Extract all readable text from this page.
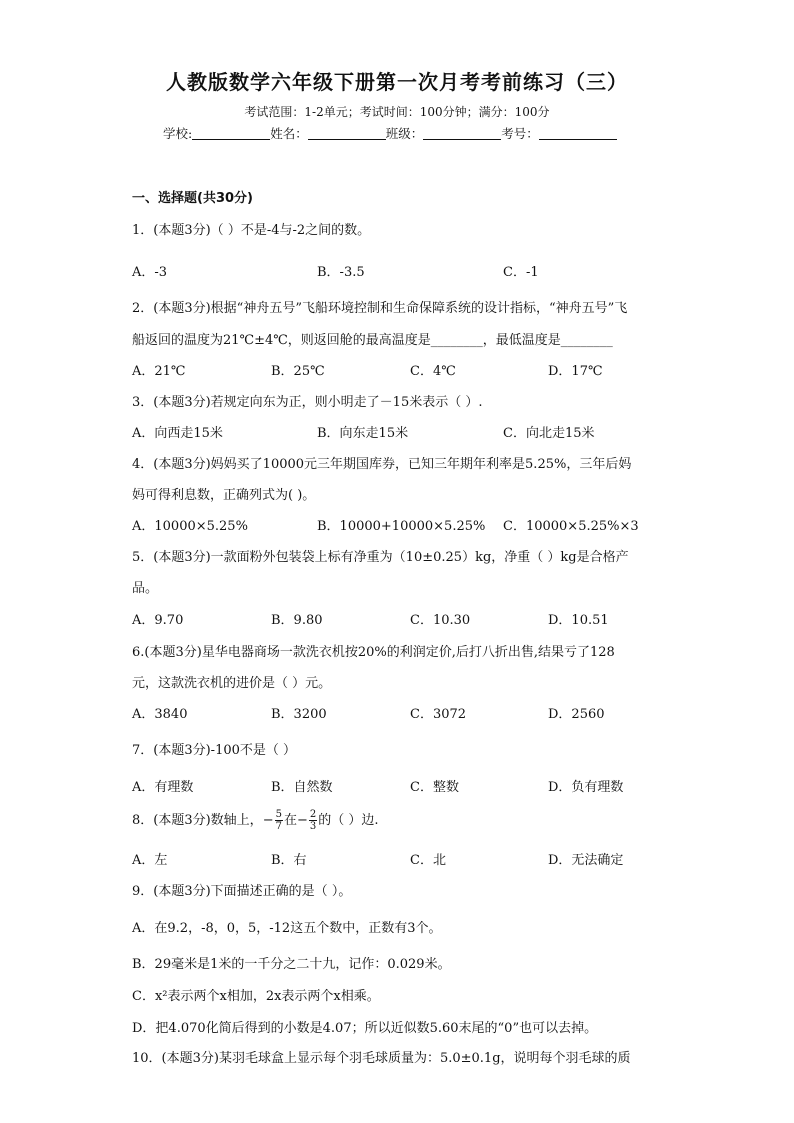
人教版数学六年级下册第一次月考考前练习（三）
考试范围：1-2单元；考试时间：100分钟；满分：100分
学校:	姓名：	班级：	考号：
一、选择题(共30分)
1．(本题3分)（ ）不是-4与-2之间的数。
A．-3	B．-3.5	C．-1
2．(本题3分)根据“神舟五号”飞船环境控制和生命保障系统的设计指标，“神舟五号”飞
船返回的温度为21℃±4℃，则返回舱的最高温度是________，最低温度是________
A．21℃	B．25℃	C．4℃	D．17℃
3．(本题3分)若规定向东为正，则小明走了－15米表示（ ）.
A．向西走15米	B．向东走15米	C．向北走15米
4．(本题3分)妈妈买了10000元三年期国库券，已知三年期年利率是5.25%，三年后妈
妈可得利息数，正确列式为( )。
A．10000×5.25%	B．10000+10000×5.25% C．10000×5.25%×3
5．(本题3分)一款面粉外包装袋上标有净重为（10±0.25）kg，净重（ ）kg是合格产
品。
A．9.70	B．9.80	C．10.30	D．10.51
6.(本题3分)星华电器商场一款洗衣机按20%的利润定价,后打八折出售,结果亏了128
元，这款洗衣机的进价是（ ）元。
A．3840	B．3200	C．3072	D．2560
7．(本题3分)-100不是（ ）
A．有理数	B．自然数	C．整数	D．负有理数
8．(本题3分)数轴上，− $\frac{5}{7}$ 在− $\frac{2}{3}$ 的（ ）边.
A．左	B．右	C．北	D．无法确定
9．(本题3分)下面描述正确的是（ ）。
A．在9.2，-8，0，5，-12这五个数中，正数有3个。
B．29毫米是1米的一千分之二十九，记作：0.029米。
C．x²表示两个x相加，2x表示两个x相乘。
D．把4.070化简后得到的小数是4.07；所以近似数5.60末尾的“0”也可以去掉。
10．(本题3分)某羽毛球盒上显示每个羽毛球质量为：5.0±0.1g，说明每个羽毛球的质
